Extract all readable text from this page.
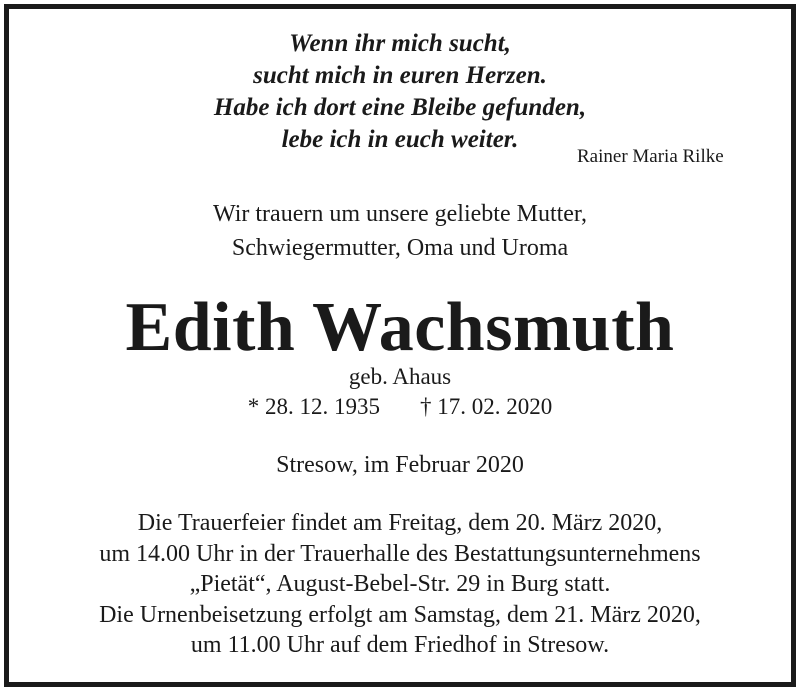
Wenn ihr mich sucht,
sucht mich in euren Herzen.
Habe ich dort eine Bleibe gefunden,
lebe ich in euch weiter.
Rainer Maria Rilke
Wir trauern um unsere geliebte Mutter,
Schwiegermutter, Oma und Uroma
Edith Wachsmuth
geb. Ahaus
* 28. 12. 1935 † 17. 02. 2020
Stresow, im Februar 2020
Die Trauerfeier findet am Freitag, dem 20. März 2020,
um 14.00 Uhr in der Trauerhalle des Bestattungsunternehmens
„Pietät“, August-Bebel-Str. 29 in Burg statt.
Die Urnenbeisetzung erfolgt am Samstag, dem 21. März 2020,
um 11.00 Uhr auf dem Friedhof in Stresow.
